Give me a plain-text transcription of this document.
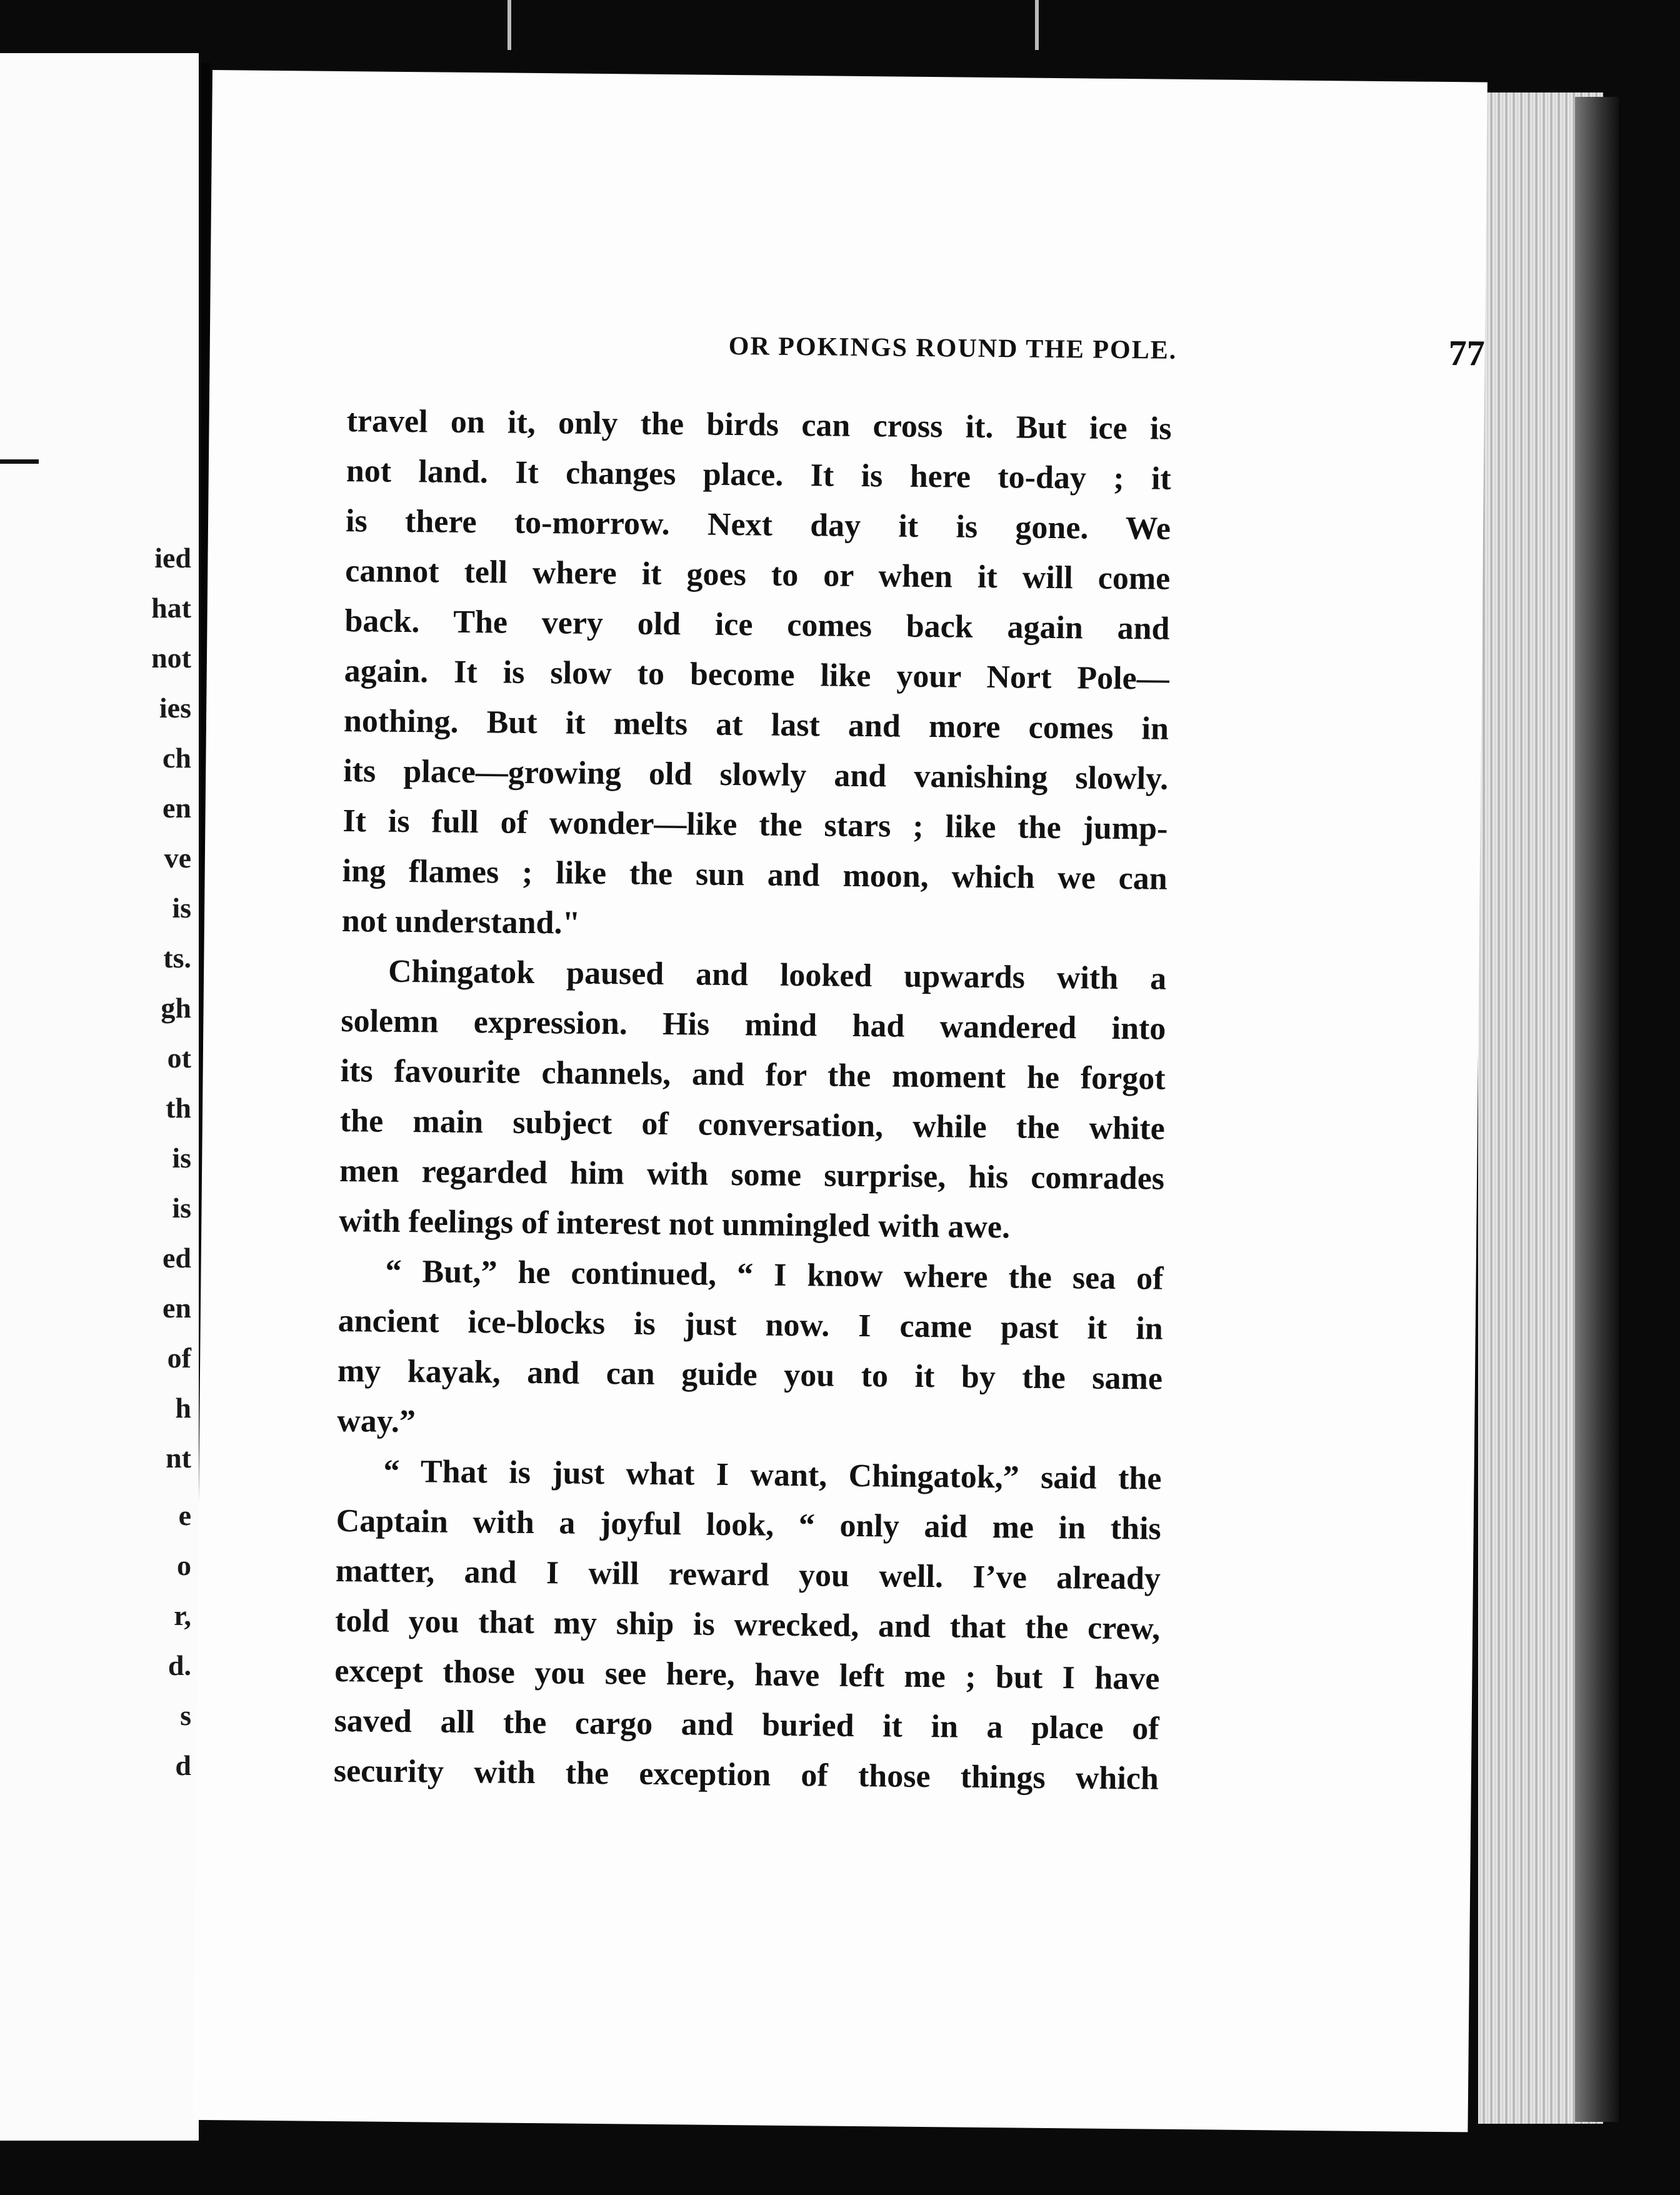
ied
hat
not
ies
ch
en
ve
is
ts.
gh
ot
th
is
is
ed
en
of
h
nt
e
o
r,
d.
s
d
OR POKINGS ROUND THE POLE.	77
travel on it, only the birds can cross it. But ice is
not land. It changes place. It is here to-day ; it
is there to-morrow. Next day it is gone. We
cannot tell where it goes to or when it will come
back. The very old ice comes back again and
again. It is slow to become like your Nort Pole—
nothing. But it melts at last and more comes in
its place—growing old slowly and vanishing slowly.
It is full of wonder—like the stars ; like the jump-
ing flames ; like the sun and moon, which we can
not understand."
Chingatok paused and looked upwards with a
solemn expression. His mind had wandered into
its favourite channels, and for the moment he forgot
the main subject of conversation, while the white
men regarded him with some surprise, his comrades
with feelings of interest not unmingled with awe.
“ But,” he continued, “ I know where the sea of
ancient ice-blocks is just now. I came past it in
my kayak, and can guide you to it by the same
way.”
“ That is just what I want, Chingatok,” said the
Captain with a joyful look, “ only aid me in this
matter, and I will reward you well. I’ve already
told you that my ship is wrecked, and that the crew,
except those you see here, have left me ; but I have
saved all the cargo and buried it in a place of
security with the exception of those things which
